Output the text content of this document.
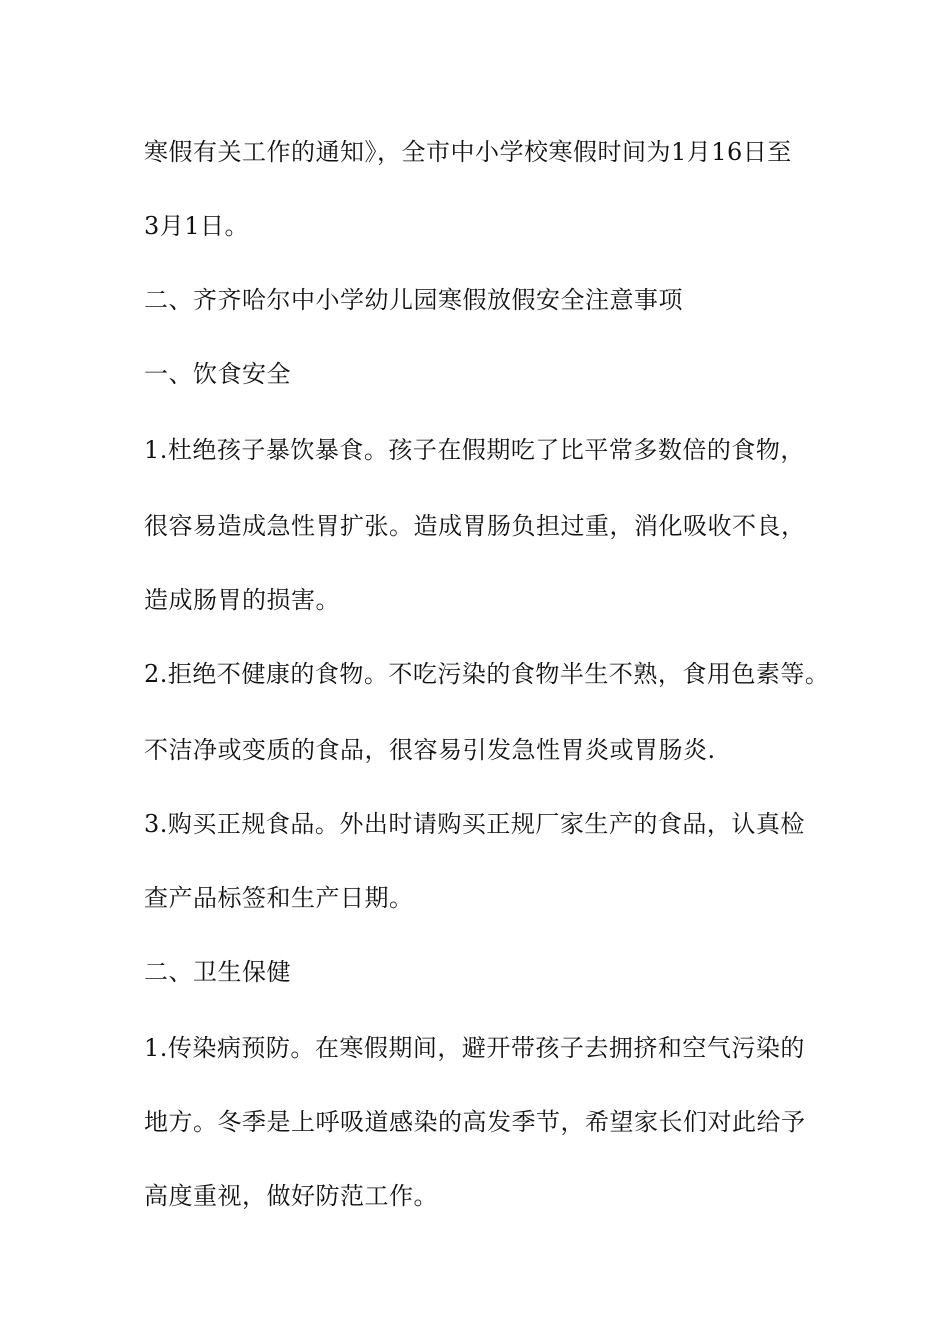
寒假有关工作的通知》，全市中小学校寒假时间为1月16日至

3月1日。

二、齐齐哈尔中小学幼儿园寒假放假安全注意事项

一、饮食安全

1.杜绝孩子暴饮暴食。孩子在假期吃了比平常多数倍的食物，

很容易造成急性胃扩张。造成胃肠负担过重，消化吸收不良，

造成肠胃的损害。

2.拒绝不健康的食物。不吃污染的食物半生不熟，食用色素等。

不洁净或变质的食品，很容易引发急性胃炎或胃肠炎.

3.购买正规食品。外出时请购买正规厂家生产的食品，认真检

查产品标签和生产日期。

二、卫生保健

1.传染病预防。在寒假期间，避开带孩子去拥挤和空气污染的

地方。冬季是上呼吸道感染的高发季节，希望家长们对此给予

高度重视，做好防范工作。
